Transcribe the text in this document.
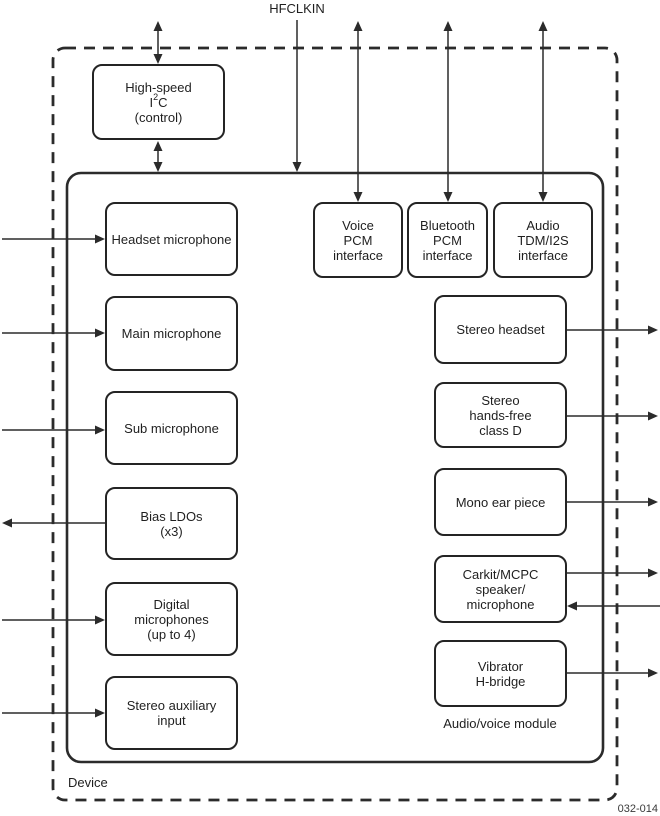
HFCLKIN
High-speed
$I^2C$
(control)
Voice
PCM
interface
Bluetooth
PCM
interface
Audio
TDM/I2S
interface
Headset microphone
Main microphone
Sub microphone
Bias LDOs
(x3)
Digital
microphones
(up to 4)
Stereo auxiliary
input
Stereo headset
Stereo
hands-free
class D
Mono ear piece
Carkit/MCPC
speaker/
microphone
Vibrator
H-bridge
Audio/voice module
Device
032-014
